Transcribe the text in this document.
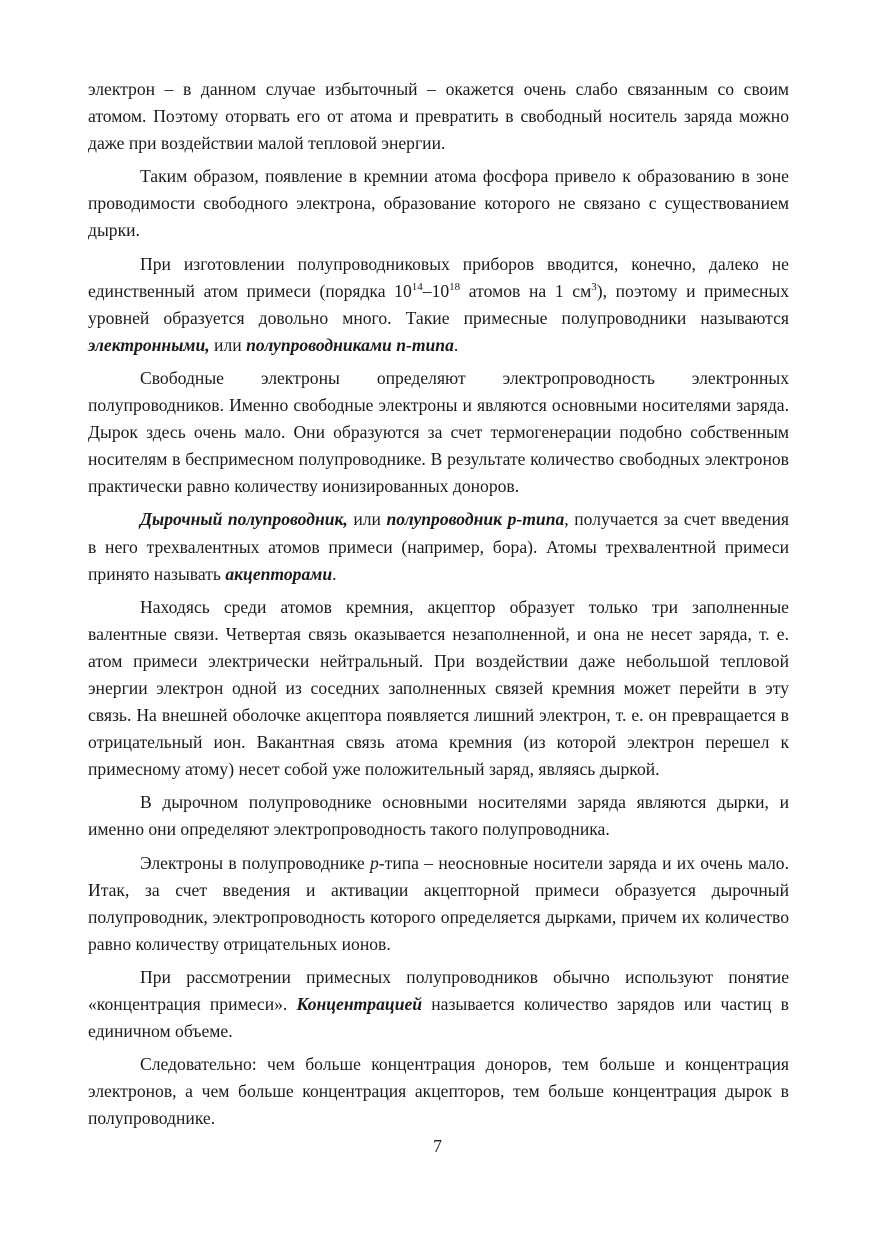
электрон – в данном случае избыточный – окажется очень слабо связанным со своим атомом. Поэтому оторвать его от атома и превратить в свободный носитель заряда можно даже при воздействии малой тепловой энергии.

Таким образом, появление в кремнии атома фосфора привело к образованию в зоне проводимости свободного электрона, образование которого не связано с существованием дырки.

При изготовлении полупроводниковых приборов вводится, конечно, далеко не единственный атом примеси (порядка $10^{14}-10^{18}$ атомов на 1 $см^3$), поэтому и примесных уровней образуется довольно много. Такие примесные полупроводники называются электронными, или полупроводниками n-типа.

Свободные электроны определяют электропроводность электронных полупроводников. Именно свободные электроны и являются основными носителями заряда. Дырок здесь очень мало. Они образуются за счет термогенерации подобно собственным носителям в беспримесном полупроводнике. В результате количество свободных электронов практически равно количеству ионизированных доноров.

Дырочный полупроводник, или полупроводник p-типа, получается за счет введения в него трехвалентных атомов примеси (например, бора). Атомы трехвалентной примеси принято называть акцепторами.

Находясь среди атомов кремния, акцептор образует только три заполненные валентные связи. Четвертая связь оказывается незаполненной, и она не несет заряда, т. е. атом примеси электрически нейтральный. При воздействии даже небольшой тепловой энергии электрон одной из соседних заполненных связей кремния может перейти в эту связь. На внешней оболочке акцептора появляется лишний электрон, т. е. он превращается в отрицательный ион. Вакантная связь атома кремния (из которой электрон перешел к примесному атому) несет собой уже положительный заряд, являясь дыркой.

В дырочном полупроводнике основными носителями заряда являются дырки, и именно они определяют электропроводность такого полупроводника.

Электроны в полупроводнике p-типа – неосновные носители заряда и их очень мало. Итак, за счет введения и активации акцепторной примеси образуется дырочный полупроводник, электропроводность которого определяется дырками, причем их количество равно количеству отрицательных ионов.

При рассмотрении примесных полупроводников обычно используют понятие «концентрация примеси». Концентрацией называется количество зарядов или частиц в единичном объеме.

Следовательно: чем больше концентрация доноров, тем больше и концентрация электронов, а чем больше концентрация акцепторов, тем больше концентрация дырок в полупроводнике.

7
